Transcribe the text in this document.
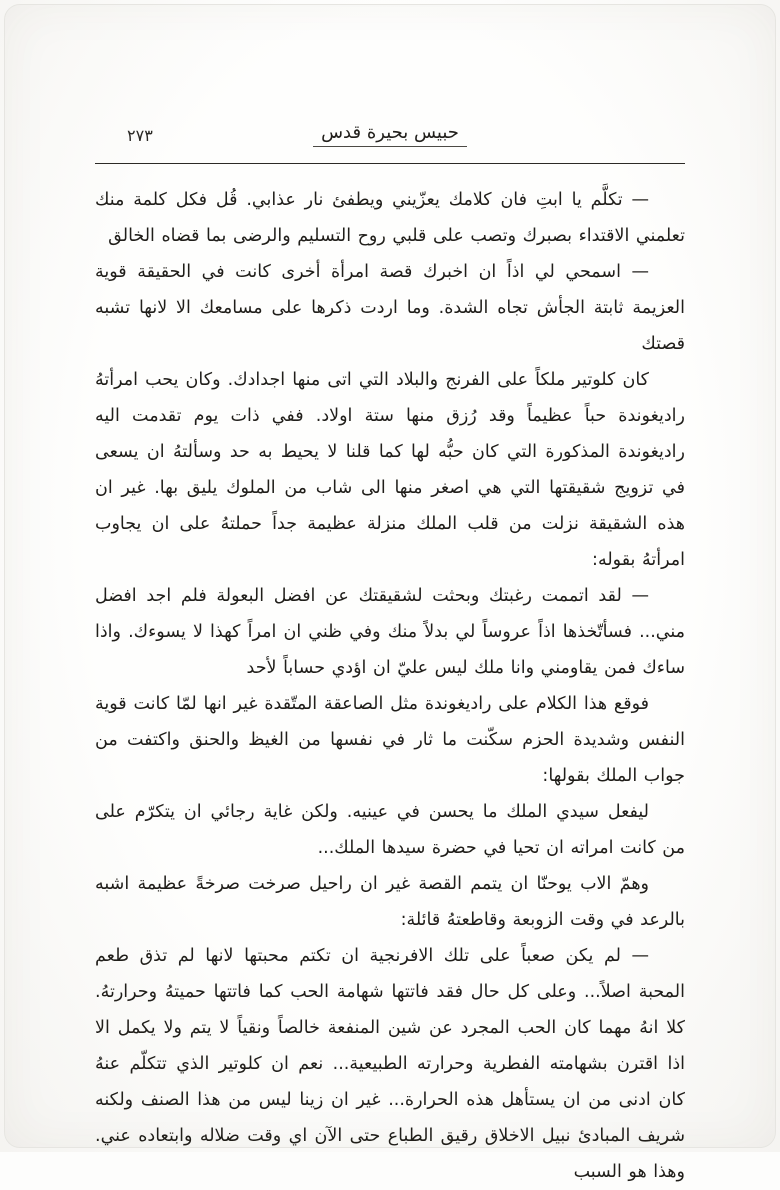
٢٧٣	حبيس بحيرة قدس

— تكلَّم يا ابتِ فان كلامك يعزّيني ويطفئ نار عذابي. قُل فكل كلمة منك تعلمني الاقتداء بصبرك وتصب على قلبي روح التسليم والرضى بما قضاه الخالق

— اسمحي لي اذاً ان اخبرك قصة امرأة أخرى كانت في الحقيقة قوية العزيمة ثابتة الجأش تجاه الشدة. وما اردت ذكرها على مسامعك الا لانها تشبه قصتك

كان كلوتير ملكاً على الفرنج والبلاد التي اتى منها اجدادك. وكان يحب امرأتهُ راديغوندة حباً عظيماً وقد رُزق منها ستة اولاد. ففي ذات يوم تقدمت اليه راديغوندة المذكورة التي كان حبُّه لها كما قلنا لا يحيط به حد وسألتهُ ان يسعى في تزويج شقيقتها التي هي اصغر منها الى شاب من الملوك يليق بها. غير ان هذه الشقيقة نزلت من قلب الملك منزلة عظيمة جداً حملتهُ على ان يجاوب امرأتهُ بقوله:

— لقد اتممت رغبتك وبحثت لشقيقتك عن افضل البعولة فلم اجد افضل مني... فسأتّخذها اذاً عروساً لي بدلاً منك وفي ظني ان امراً كهذا لا يسوءك. واذا ساءك فمن يقاومني وانا ملك ليس عليّ ان اؤدي حساباً لأحد

فوقع هذا الكلام على راديغوندة مثل الصاعقة المتّقدة غير انها لمّا كانت قوية النفس وشديدة الحزم سكّنت ما ثار في نفسها من الغيظ والحنق واكتفت من جواب الملك بقولها:

ليفعل سيدي الملك ما يحسن في عينيه. ولكن غاية رجائي ان يتكرّم على من كانت امراته ان تحيا في حضرة سيدها الملك...

وهمّ الاب يوحنّا ان يتمم القصة غير ان راحيل صرخت صرخةً عظيمة اشبه بالرعد في وقت الزوبعة وقاطعتهُ قائلة:

— لم يكن صعباً على تلك الافرنجية ان تكتم محبتها لانها لم تذق طعم المحبة اصلاً... وعلى كل حال فقد فاتتها شهامة الحب كما فاتتها حميتهُ وحرارتهُ. كلا انهُ مهما كان الحب المجرد عن شين المنفعة خالصاً ونقياً لا يتم ولا يكمل الا اذا اقترن بشهامته الفطرية وحرارته الطبيعية... نعم ان كلوتير الذي تتكلّم عنهُ كان ادنى من ان يستأهل هذه الحرارة... غير ان زينا ليس من هذا الصنف ولكنه شريف المبادئ نبيل الاخلاق رقيق الطباع حتى الآن اي وقت ضلاله وابتعاده عني. وهذا هو السبب
